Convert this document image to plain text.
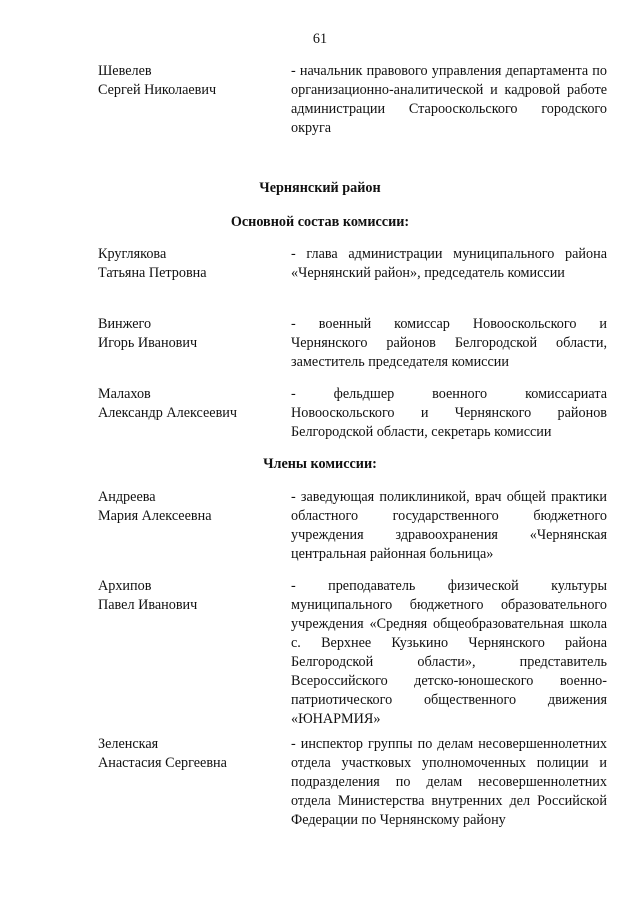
61
Шевелев
Сергей Николаевич
- начальник правового управления департамента по организационно-аналитической и кадровой работе администрации Старооскольского городского округа
Чернянский район
Основной состав комиссии:
Круглякова
Татьяна Петровна
- глава администрации муниципального района «Чернянский район», председатель комиссии
Винжего
Игорь Иванович
- военный комиссар Новооскольского и Чернянского районов Белгородской области, заместитель председателя комиссии
Малахов
Александр Алексеевич
- фельдшер военного комиссариата Новооскольского и Чернянского районов Белгородской области, секретарь комиссии
Члены комиссии:
Андреева
Мария Алексеевна
- заведующая поликлиникой, врач общей практики областного государственного бюджетного учреждения здравоохранения «Чернянская центральная районная больница»
Архипов
Павел Иванович
- преподаватель физической культуры муниципального бюджетного образовательного учреждения «Средняя общеобразовательная школа с. Верхнее Кузькино Чернянского района Белгородской области», представитель Всероссийского детско-юношеского военно-патриотического общественного движения «ЮНАРМИЯ»
Зеленская
Анастасия Сергеевна
- инспектор группы по делам несовершеннолетних отдела участковых уполномоченных полиции и подразделения по делам несовершеннолетних отдела Министерства внутренних дел Российской Федерации по Чернянскому району
